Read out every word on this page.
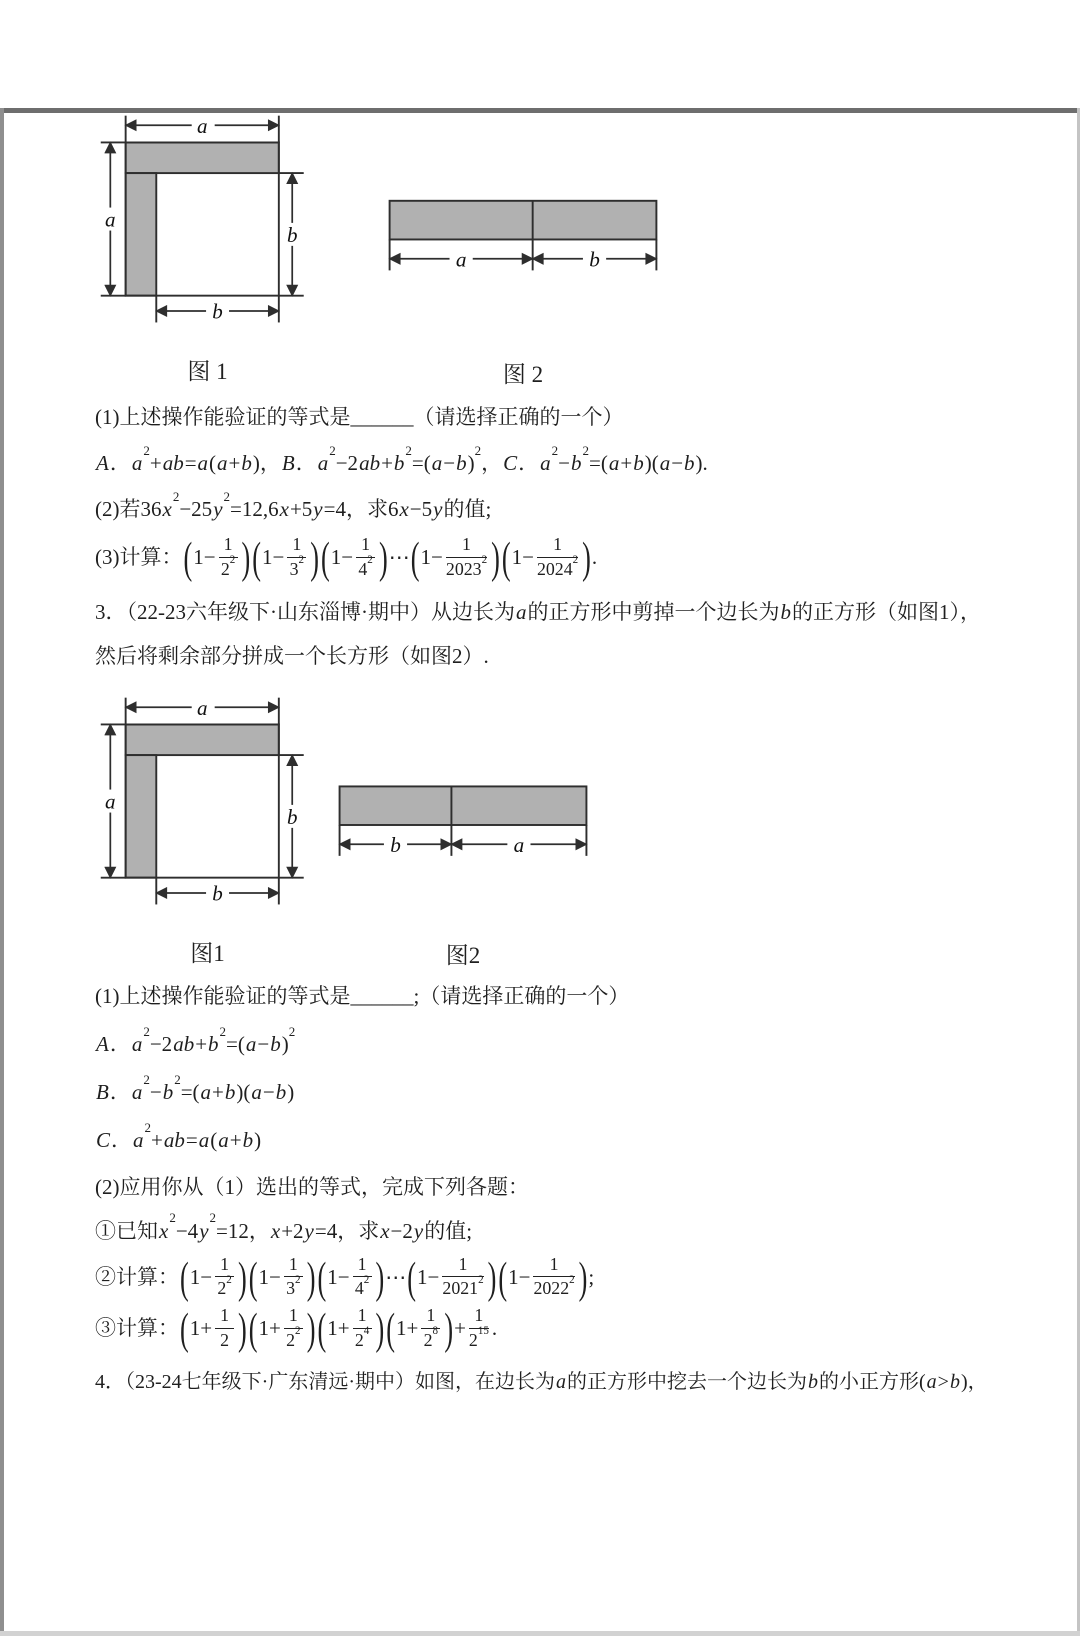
a
a
b
b
图 1
a	b
图 2

(1)上述操作能验证的等式是______（请选择正确的一个）

A．$a^2+ab=a(a+b)$，B．$a^2-2ab+b^2=(a-b)^2$，C．$a^2-b^2=(a+b)(a-b)$.

(2)若$36x^2-25y^2=12,6x+5y=4$，求6x−5y的值;

(3)计算：$(1- \frac{1}{2^2} )(1- \frac{1}{3^2} )(1- \frac{1}{4^2}$ )⋯(1− $\frac{1}{2023^2} )(1- \frac{1}{2024^2}$ ).

3．（22-23六年级下·山东淄博·期中）从边长为a的正方形中剪掉一个边长为b的正方形（如图1），然后将剩余部分拼成一个长方形（如图2）.

a
a
b
b
图1
b	a
图2

(1)上述操作能验证的等式是______;（请选择正确的一个）

A．$a^2-2ab+b^2=(a-b)^2$

B．$a^2-b^2=(a+b)(a-b)$

C．$a^2+ab=a(a+b)$

(2)应用你从（1）选出的等式，完成下列各题：

①已知$x^2-4y^2=12$，x+2y=4，求x−2y的值;

②计算：$(1- \frac{1}{2^2} )(1- \frac{1}{3^2} )(1- \frac{1}{4^2}$ )⋯(1− $\frac{1}{2021^2} )(1- \frac{1}{2022^2}$ );

③计算：$(1+ \frac{1}{2} )(1+ \frac{1}{2^2} )(1+ \frac{1}{2^4} )(1+ \frac{1}{2^8}$ )+ $\frac{1}{2^{15}}$ .

4．（23-24七年级下·广东清远·期中）如图，在边长为a的正方形中挖去一个边长为b的小正方形(a>b)，
